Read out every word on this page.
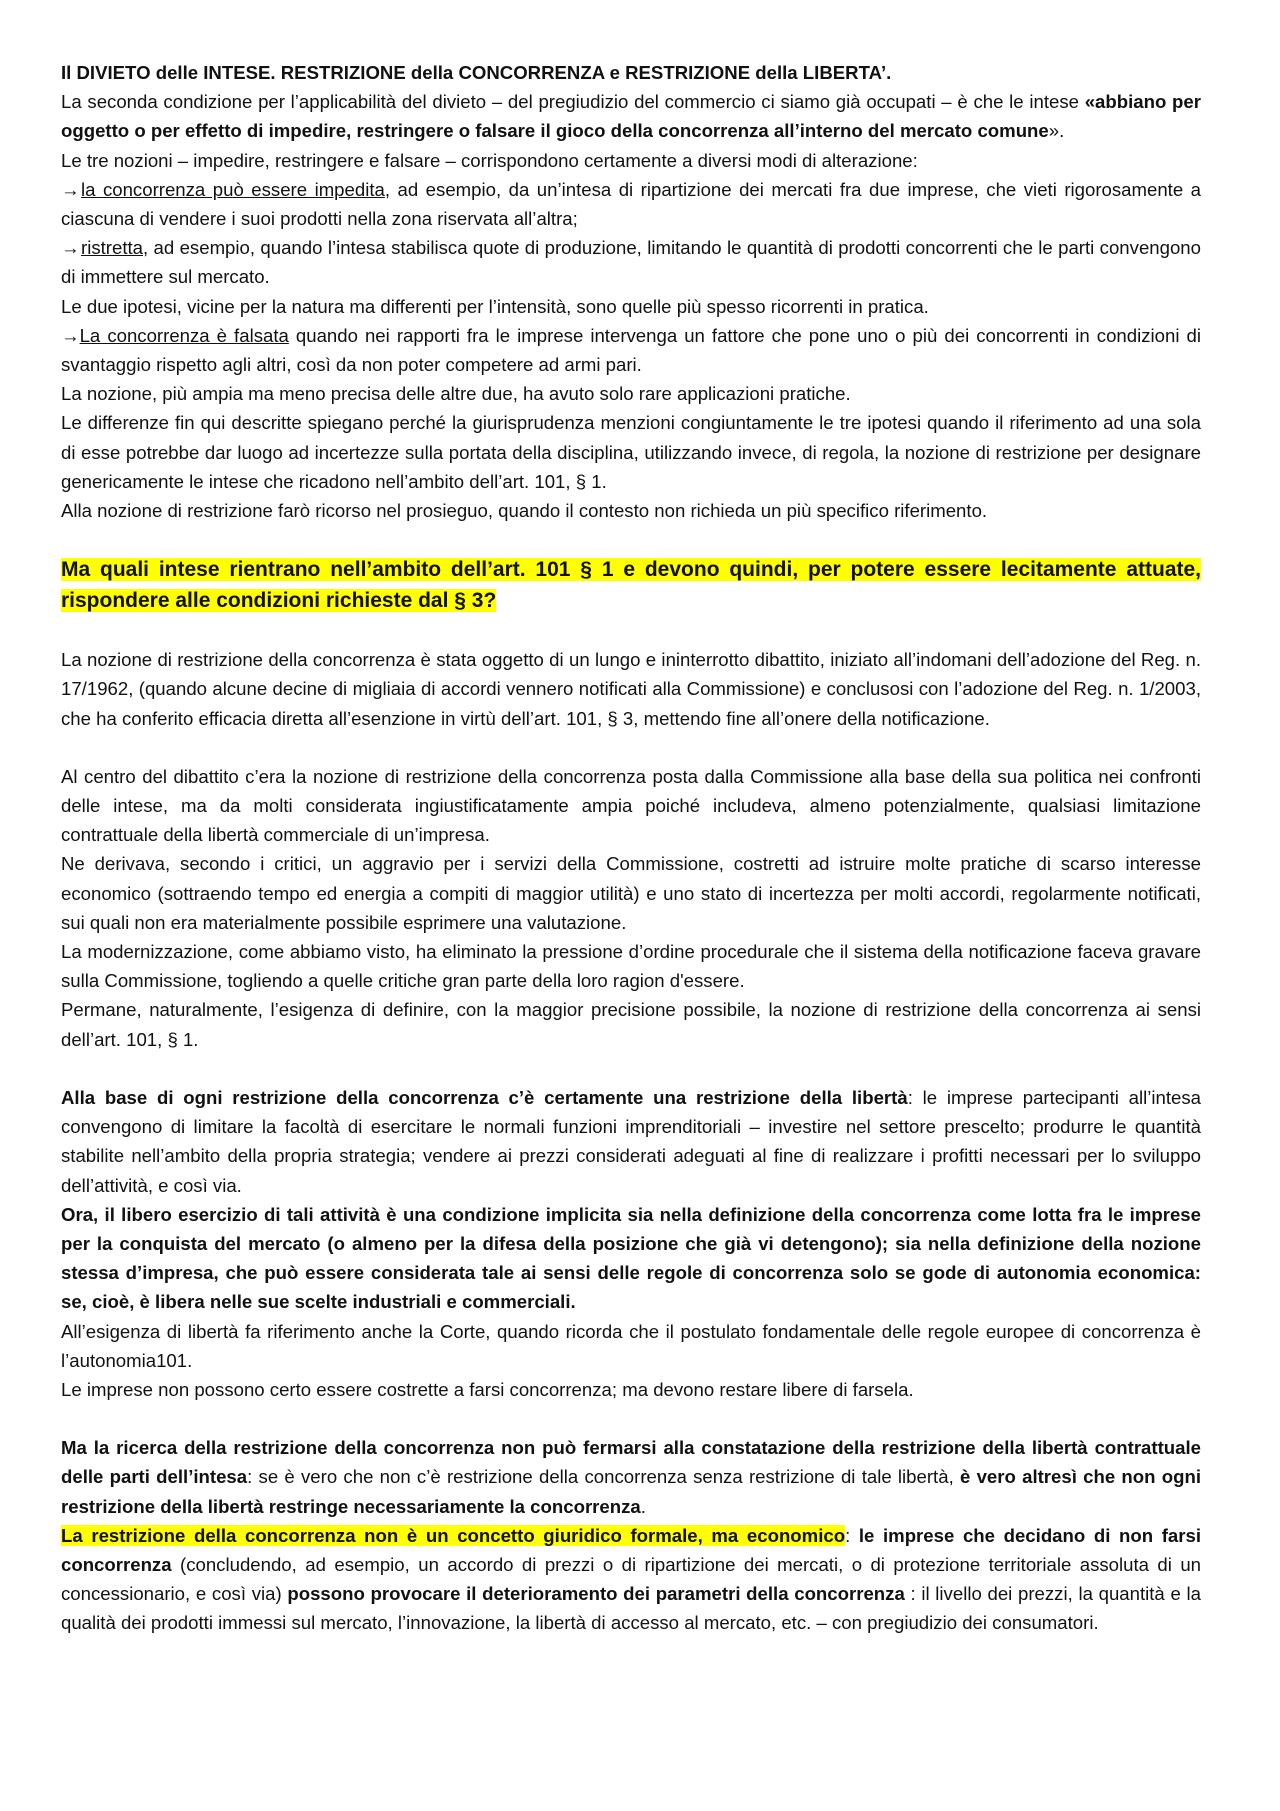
Il DIVIETO delle INTESE. RESTRIZIONE della CONCORRENZA e RESTRIZIONE della LIBERTA’.

La seconda condizione per l’applicabilità del divieto – del pregiudizio del commercio ci siamo già occupati – è che le intese «abbiano per oggetto o per effetto di impedire, restringere o falsare il gioco della concorrenza all’interno del mercato comune».

Le tre nozioni – impedire, restringere e falsare – corrispondono certamente a diversi modi di alterazione:

→la concorrenza può essere impedita, ad esempio, da un’intesa di ripartizione dei mercati fra due imprese, che vieti rigorosamente a ciascuna di vendere i suoi prodotti nella zona riservata all’altra;

→ristretta, ad esempio, quando l’intesa stabilisca quote di produzione, limitando le quantità di prodotti concorrenti che le parti convengono di immettere sul mercato.

Le due ipotesi, vicine per la natura ma differenti per l’intensità, sono quelle più spesso ricorrenti in pratica.

→La concorrenza è falsata quando nei rapporti fra le imprese intervenga un fattore che pone uno o più dei concorrenti in condizioni di svantaggio rispetto agli altri, così da non poter competere ad armi pari.

La nozione, più ampia ma meno precisa delle altre due, ha avuto solo rare applicazioni pratiche.

Le differenze fin qui descritte spiegano perché la giurisprudenza menzioni congiuntamente le tre ipotesi quando il riferimento ad una sola di esse potrebbe dar luogo ad incertezze sulla portata della disciplina, utilizzando invece, di regola, la nozione di restrizione per designare genericamente le intese che ricadono nell’ambito dell’art. 101, § 1.

Alla nozione di restrizione farò ricorso nel prosieguo, quando il contesto non richieda un più specifico riferimento.

Ma quali intese rientrano nell’ambito dell’art. 101 § 1 e devono quindi, per potere essere lecitamente attuate, rispondere alle condizioni richieste dal § 3?

La nozione di restrizione della concorrenza è stata oggetto di un lungo e ininterrotto dibattito, iniziato all’indomani dell’adozione del Reg. n. 17/1962, (quando alcune decine di migliaia di accordi vennero notificati alla Commissione) e conclusosi con l’adozione del Reg. n. 1/2003, che ha conferito efficacia diretta all’esenzione in virtù dell’art. 101, § 3, mettendo fine all’onere della notificazione.

Al centro del dibattito c’era la nozione di restrizione della concorrenza posta dalla Commissione alla base della sua politica nei confronti delle intese, ma da molti considerata ingiustificatamente ampia poiché includeva, almeno potenzialmente, qualsiasi limitazione contrattuale della libertà commerciale di un’impresa.

Ne derivava, secondo i critici, un aggravio per i servizi della Commissione, costretti ad istruire molte pratiche di scarso interesse economico (sottraendo tempo ed energia a compiti di maggior utilità) e uno stato di incertezza per molti accordi, regolarmente notificati, sui quali non era materialmente possibile esprimere una valutazione.

La modernizzazione, come abbiamo visto, ha eliminato la pressione d’ordine procedurale che il sistema della notificazione faceva gravare sulla Commissione, togliendo a quelle critiche gran parte della loro ragion d'essere.

Permane, naturalmente, l’esigenza di definire, con la maggior precisione possibile, la nozione di restrizione della concorrenza ai sensi dell’art. 101, § 1.

Alla base di ogni restrizione della concorrenza c’è certamente una restrizione della libertà: le imprese partecipanti all’intesa convengono di limitare la facoltà di esercitare le normali funzioni imprenditoriali – investire nel settore prescelto; produrre le quantità stabilite nell’ambito della propria strategia; vendere ai prezzi considerati adeguati al fine di realizzare i profitti necessari per lo sviluppo dell’attività, e così via.

Ora, il libero esercizio di tali attività è una condizione implicita sia nella definizione della concorrenza come lotta fra le imprese per la conquista del mercato (o almeno per la difesa della posizione che già vi detengono); sia nella definizione della nozione stessa d’impresa, che può essere considerata tale ai sensi delle regole di concorrenza solo se gode di autonomia economica: se, cioè, è libera nelle sue scelte industriali e commerciali.

All’esigenza di libertà fa riferimento anche la Corte, quando ricorda che il postulato fondamentale delle regole europee di concorrenza è l’autonomia101.

Le imprese non possono certo essere costrette a farsi concorrenza; ma devono restare libere di farsela.

Ma la ricerca della restrizione della concorrenza non può fermarsi alla constatazione della restrizione della libertà contrattuale delle parti dell’intesa: se è vero che non c’è restrizione della concorrenza senza restrizione di tale libertà, è vero altresì che non ogni restrizione della libertà restringe necessariamente la concorrenza.

La restrizione della concorrenza non è un concetto giuridico formale, ma economico: le imprese che decidano di non farsi concorrenza (concludendo, ad esempio, un accordo di prezzi o di ripartizione dei mercati, o di protezione territoriale assoluta di un concessionario, e così via) possono provocare il deterioramento dei parametri della concorrenza : il livello dei prezzi, la quantità e la qualità dei prodotti immessi sul mercato, l’innovazione, la libertà di accesso al mercato, etc. – con pregiudizio dei consumatori.
